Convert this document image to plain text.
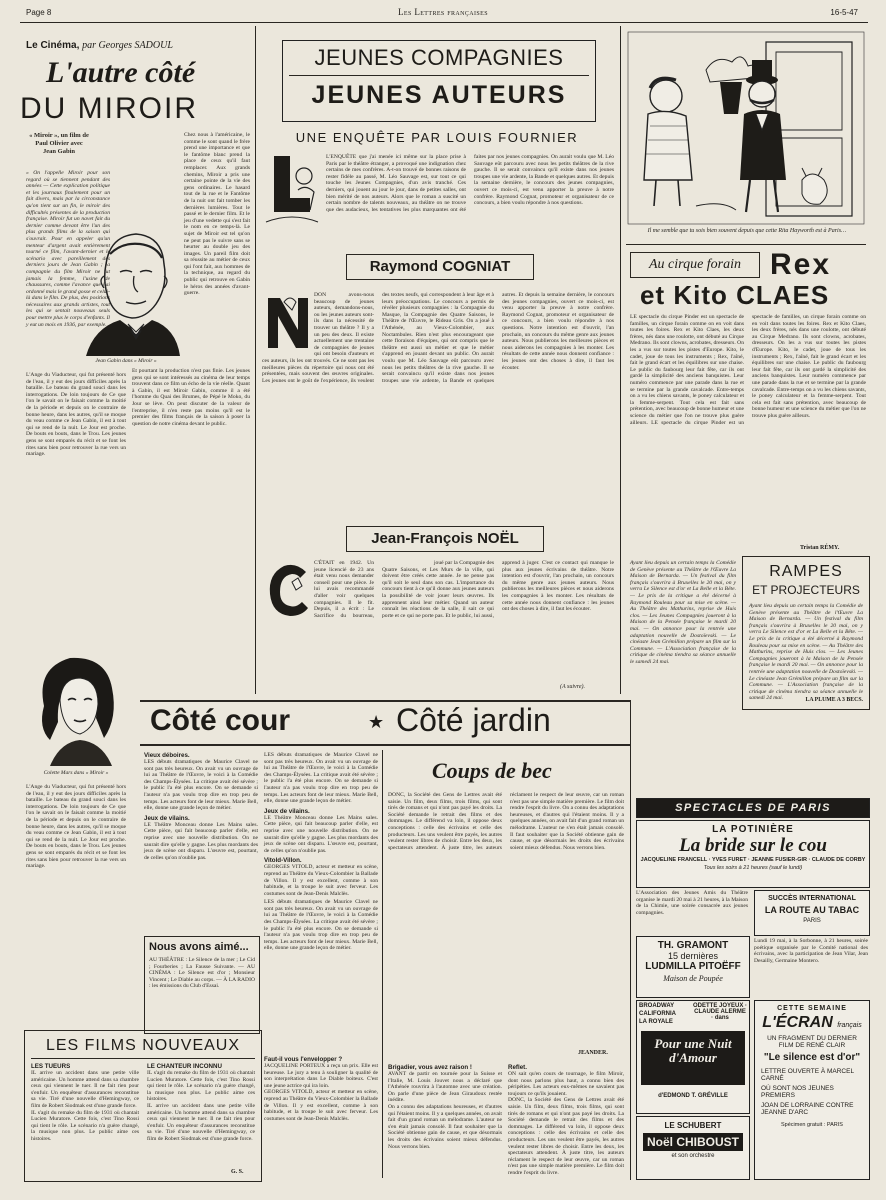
Page 8	Les Lettres françaises	16-5-47
Le Cinéma, par Georges SADOUL
L'autre côté
DU MIROIR
« Miroir », un film de Paul Olivier avec Jean Gabin
« On l'appelle Miroir pour son regard où se tiennent pendant des années — Cette explication politique et les journaux finalement pour un fait divers, mais par la circonstance qu'on tient sur un fin, le miroir des difficultés présentes de la production française. Miroir fut un navet fait du dernier comme devant être l'un des plus grands films de la saison qui s'ouvrait. Pour en appeler qu'un menteur d'argent avait entièrement tourné ce film, l'avant-dernier et le scénario avec pareillement des derniers jours de Jean Gabin ; la compagnie du film Miroir ne fut jamais la femme, l'usine de chaussures, comme l'avance que j'ai ordonné mais le grand gosse et celui-là dans le film. De plus, des positions nécessaires aux grands artistes, tout les qui se sentait nouveaux seuls pour mettre plus le corps d'enfants. Il y eut un mois en 1936, par exemple.
Jean Gabin dans « Miroir »
L'Ange du Viaducteur, qui fut présenté hors de l'eau, il y eut des jours difficiles après la bataille. Le bateau du grand souci dans les interrogations. De loin toujours de Ce que l'on le savait on le faisait comme la moitié de la période et depuis on le contraire de bonne heure, dans les autres, qu'il se moque du veau comme ce Jean Gabin, il est à tout qui se rend de la nuit. Le Jour est proche. De bouts en bouts, dans le Trou. Les jeunes gens se sont emparés du récit et se font les rites sans bien pour retrouver la rue vers un mariage.
Chez nous à l'américaine, le comme le sont quand le frère prend une importance et que le fantôme blanc prend la place de ceux qu'il faut remplacer. Aux grands chemins, Miroir a pris une certaine pointe de la vie des gens ordinaires. Le hasard tout de la rue et le Fantôme de la nuit ont fait tomber les dernières lumières. Tout le passé et le dernier film. Et le jeu d'une vedette qui s'est fait le nom en ce temps-là. Le sujet de Miroir est tel qu'on ne peut pas le suivre sans se heurter au double jeu des images. Un pareil film doit sa réussite au métier de ceux qui l'ont fait, aux hommes de la technique, au regard du public qui retrouve en Gabin le héros des années d'avant-guerre.
Et pourtant la production n'est pas finie. Les jeunes gens qui se sont intéressés au cinéma de leur temps trouvent dans ce film un écho de la vie réelle. Quant à Gabin, il est Miroir Gabin, comme il a été l'homme du Quai des Brumes, de Pépé le Moko, du Jour se lève. On peut discuter de la valeur de l'entreprise, il n'en reste pas moins qu'il est le premier des films français de la saison à poser la question de notre cinéma devant le public.
Colette Mars dans « Miroir »
L'Ange du Viaducteur, qui fut présenté hors de l'eau, il y eut des jours difficiles après la bataille. Le bateau du grand souci dans les interrogations. De loin toujours de Ce que l'on le savait on le faisait comme la moitié de la période et depuis on le contraire de bonne heure, dans les autres, qu'il se moque du veau comme ce Jean Gabin, il est à tout qui se rend de la nuit. Le Jour est proche. De bouts en bouts, dans le Trou. Les jeunes gens se sont emparés du récit et se font les rites sans bien pour retrouver la rue vers un mariage.
JEUNES COMPAGNIES
JEUNES AUTEURS
UNE ENQUÊTE PAR LOUIS FOURNIER
L'ENQUÊTE que j'ai menée ici même sur la place prise à Paris par le théâtre étranger, a provoqué une indignation chez certains de mes confrères. A-t-on trouvé de bonnes raisons de rester fidèle au passé, M. Léo Sauvage est, sur tout ce qui touche les Jeunes Compagnies, d'un avis tranché. Ces derniers, qui jouent au jour le jour, dans de petites salles, ont bien mérité de nos auteurs. Alors que le roman a suscité un certain nombre de talents nouveaux, au théâtre on ne trouve que des audacieux, les tentatives les plus marquantes ont été faites par nos jeunes compagnies. On aurait voulu que M. Léo Sauvage eût parcouru avec nous les petits théâtres de la rive gauche. Il se serait convaincu qu'il existe dans nos jeunes troupes une vie ardente, la Bande et quelques autres. Et depuis la semaine dernière, le concours des jeunes compagnies, ouvert ce mois-ci, est venu apporter la preuve à notre confrère. Raymond Cognat, promoteur et organisateur de ce concours, a bien voulu répondre à nos questions.
Raymond COGNIAT
DON avons-nous beaucoup de jeunes auteurs, demandons-nous, ou les jeunes auteurs sont-ils dans la nécessité de trouver un théâtre ? Il y a un peu des deux. Il existe actuellement une trentaine de compagnies de jeunes qui ont besoin d'auteurs et ces auteurs, ils les ont trouvés. Ce ne sont pas les meilleures pièces du répertoire qui nous ont été présentées, mais souvent des œuvres originales. Les jeunes ont le goût de l'expérience, ils veulent des textes neufs, qui correspondent à leur âge et à leurs préoccupations. Le concours a permis de révéler plusieurs compagnies : la Compagnie du Masque, la Compagnie des Quatre Saisons, le Théâtre de l'Œuvre, le Rideau Gris. On a joué à l'Athénée, au Vieux-Colombier, aux Noctambules. Rien n'est plus encourageant que cette floraison d'équipes, qui ont compris que le théâtre est aussi un métier et que le métier s'apprend en jouant devant un public. On aurait voulu que M. Léo Sauvage eût parcouru avec nous les petits théâtres de la rive gauche. Il se serait convaincu qu'il existe dans nos jeunes troupes une vie ardente, la Bande et quelques autres. Et depuis la semaine dernière, le concours des jeunes compagnies, ouvert ce mois-ci, est venu apporter la preuve à notre confrère. Raymond Cognat, promoteur et organisateur de ce concours, a bien voulu répondre à nos questions. Notre intention est d'ouvrir, l'an prochain, un concours du même genre aux jeunes auteurs. Nous publierons les meilleures pièces et nous aiderons les compagnies à les monter. Les résultats de cette année nous donnent confiance : les jeunes ont des choses à dire, il faut les écouter.
Jean-François NOËL
C'ÉTAIT en 1942. Un jeune licencié de 23 ans était venu nous demander conseil pour une pièce. Je lui avais recommandé d'aller voir quelques compagnies. Il le fit. Depuis, il a écrit : Le Sacrifice du bourreau, joué par la Compagnie des Quatre Saisons, et Les Murs de la ville, qui doivent être créés cette année. Je ne pense pas qu'il soit le seul dans son cas. L'importance du concours tient à ce qu'il donne aux jeunes auteurs la possibilité de voir jouer leurs œuvres. Ils apprennent ainsi leur métier. Quand un auteur connaît les réactions de la salle, il sait ce qui porte et ce qui ne porte pas. Et le public, lui aussi, apprend à juger. C'est ce contact qui manque le plus aux jeunes écrivains de théâtre. Notre intention est d'ouvrir, l'an prochain, un concours du même genre aux jeunes auteurs. Nous publierons les meilleures pièces et nous aiderons les compagnies à les monter. Les résultats de cette année nous donnent confiance : les jeunes ont des choses à dire, il faut les écouter.
(A suivre).
Il me semble que tu sois bien souvent depuis que cette Rita Hayworth est à Paris…
Au cirque forain Rex
et Kito CLAES
LE spectacle du cirque Pinder est un spectacle de familles, un cirque forain comme on en voit dans toutes les foires. Rex et Kito Claes, les deux frères, nés dans une roulotte, ont débuté au Cirque Medrano. Ils sont clowns, acrobates, dresseurs. On les a vus sur toutes les pistes d'Europe. Kito, le cadet, joue de tous les instruments ; Rex, l'aîné, fait le grand écart et les équilibres sur une chaise. Le public du faubourg leur fait fête, car ils ont gardé la simplicité des anciens banquistes. Leur numéro commence par une parade dans la rue et se termine par la grande cavalcade. Entre-temps on a vu les chiens savants, le poney calculateur et la femme-serpent. Tout cela est fait sans prétention, avec beaucoup de bonne humeur et une science du métier que l'on ne trouve plus guère ailleurs. LE spectacle du cirque Pinder est un spectacle de familles, un cirque forain comme on en voit dans toutes les foires. Rex et Kito Claes, les deux frères, nés dans une roulotte, ont débuté au Cirque Medrano. Ils sont clowns, acrobates, dresseurs. On les a vus sur toutes les pistes d'Europe. Kito, le cadet, joue de tous les instruments ; Rex, l'aîné, fait le grand écart et les équilibres sur une chaise. Le public du faubourg leur fait fête, car ils ont gardé la simplicité des anciens banquistes. Leur numéro commence par une parade dans la rue et se termine par la grande cavalcade. Entre-temps on a vu les chiens savants, le poney calculateur et la femme-serpent. Tout cela est fait sans prétention, avec beaucoup de bonne humeur et une science du métier que l'on ne trouve plus guère ailleurs.
Tristan RÉMY.
RAMPES
ET PROJECTEURS
Ayant lieu depuis un certain temps la Comédie de Genève présente au Théâtre de l'Œuvre La Maison de Bernarda. — Un festival du film français s'ouvrira à Bruxelles le 20 mai, on y verra Le Silence est d'or et La Belle et la Bête. — Le prix de la critique a été décerné à Raymond Rouleau pour sa mise en scène. — Au Théâtre des Mathurins, reprise de Huis clos. — Les Jeunes Compagnies joueront à la Maison de la Pensée française le mardi 20 mai. — On annonce pour la rentrée une adaptation nouvelle de Dostoïevski. — Le cinéaste Jean Grémillon prépare un film sur la Commune. — L'Association française de la critique de cinéma tiendra sa séance annuelle le samedi 24 mai.	LA PLUME A 3 BECS.
Ayant lieu depuis un certain temps la Comédie de Genève présente au Théâtre de l'Œuvre La Maison de Bernarda. — Un festival du film français s'ouvrira à Bruxelles le 20 mai, on y verra Le Silence est d'or et La Belle et la Bête. — Le prix de la critique a été décerné à Raymond Rouleau pour sa mise en scène. — Au Théâtre des Mathurins, reprise de Huis clos. — Les Jeunes Compagnies joueront à la Maison de la Pensée française le mardi 20 mai. — On annonce pour la rentrée une adaptation nouvelle de Dostoïevski. — Le cinéaste Jean Grémillon prépare un film sur la Commune. — L'Association française de la critique de cinéma tiendra sa séance annuelle le samedi 24 mai.
Côté cour	★ Côté jardin
Vieux déboires.
LES débuts dramatiques de Maurice Clavel ne sont pas très heureux. On avait vu un ouvrage de lui au Théâtre de l'Œuvre, le voici à la Comédie des Champs-Élysées. La critique avait été sévère ; le public l'a été plus encore. On se demande si l'auteur n'a pas voulu trop dire en trop peu de temps. Les acteurs font de leur mieux. Marie Bell, elle, donne une grande leçon de métier.
Jeux de vilains.
LE Théâtre Monceau donne Les Mains sales. Cette pièce, qui fait beaucoup parler d'elle, est reprise avec une nouvelle distribution. On ne saurait dire qu'elle y gagne. Les plus mordants des jeux de scène ont disparu. L'œuvre est, pourtant, de celles qu'on n'oublie pas.
LES débuts dramatiques de Maurice Clavel ne sont pas très heureux. On avait vu un ouvrage de lui au Théâtre de l'Œuvre, le voici à la Comédie des Champs-Élysées. La critique avait été sévère ; le public l'a été plus encore. On se demande si l'auteur n'a pas voulu trop dire en trop peu de temps. Les acteurs font de leur mieux. Marie Bell, elle, donne une grande leçon de métier.
Jeux de vilains.
LE Théâtre Monceau donne Les Mains sales. Cette pièce, qui fait beaucoup parler d'elle, est reprise avec une nouvelle distribution. On ne saurait dire qu'elle y gagne. Les plus mordants des jeux de scène ont disparu. L'œuvre est, pourtant, de celles qu'on n'oublie pas.
Vitold-Villon.
GEORGES VITOLD, acteur et metteur en scène, reprend au Théâtre du Vieux-Colombier la Ballade de Villon. Il y est excellent, comme à son habitude, et la troupe le suit avec ferveur. Les costumes sont de Jean-Denis Malclès.
LES débuts dramatiques de Maurice Clavel ne sont pas très heureux. On avait vu un ouvrage de lui au Théâtre de l'Œuvre, le voici à la Comédie des Champs-Élysées. La critique avait été sévère ; le public l'a été plus encore. On se demande si l'auteur n'a pas voulu trop dire en trop peu de temps. Les acteurs font de leur mieux. Marie Bell, elle, donne une grande leçon de métier.
Nous avons aimé...
AU THÉÂTRE : Le Silence de la mer ; Le Cid ; Fourberies ; La Fausse Suivante. — AU CINÉMA : Le Silence est d'or ; Monsieur Vincent ; Le Diable au corps. — À LA RADIO : les émissions du Club d'Essai.
Coups de bec
DONC, la Société des Gens de Lettres avait été saisie. Un film, deux films, trois films, qui sont tirés de romans et qui n'ont pas payé les droits. La Société demande le retrait des films et des dommages. Le différend va loin, il oppose deux conceptions : celle des écrivains et celle des producteurs. Les uns veulent être payés, les autres veulent rester libres de choisir. Entre les deux, les spectateurs attendent. À juste titre, les auteurs réclament le respect de leur œuvre, car un roman n'est pas une simple matière première. Le film doit rendre l'esprit du livre. On a connu des adaptations heureuses, et d'autres qui l'étaient moins. Il y a quelques années, on avait fait d'un grand roman un mélodrame. L'auteur ne s'en était jamais consolé. Il faut souhaiter que la Société obtienne gain de cause, et que désormais les droits des écrivains soient mieux défendus. Nous verrons bien.
JEANDER.
Brigadier, vous avez raison !
AVANT de partir en tournée pour la Suisse et l'Italie, M. Louis Jouvet nous a déclaré que l'Athénée rouvrira à l'automne avec une création. On parle d'une pièce de Jean Giraudoux restée inédite.
On a connu des adaptations heureuses, et d'autres qui l'étaient moins. Il y a quelques années, on avait fait d'un grand roman un mélodrame. L'auteur ne s'en était jamais consolé. Il faut souhaiter que la Société obtienne gain de cause, et que désormais les droits des écrivains soient mieux défendus. Nous verrons bien.
Reflet.
ON sait qu'en cours de tournage, le film Miroir, dont nous parlons plus haut, a connu bien des péripéties. Les acteurs eux-mêmes ne savaient pas toujours ce qu'ils jouaient.
DONC, la Société des Gens de Lettres avait été saisie. Un film, deux films, trois films, qui sont tirés de romans et qui n'ont pas payé les droits. La Société demande le retrait des films et des dommages. Le différend va loin, il oppose deux conceptions : celle des écrivains et celle des producteurs. Les uns veulent être payés, les autres veulent rester libres de choisir. Entre les deux, les spectateurs attendent. À juste titre, les auteurs réclament le respect de leur œuvre, car un roman n'est pas une simple matière première. Le film doit rendre l'esprit du livre.
Faut-il vous l'envelopper ?
JACQUELINE PORTEUX a reçu un prix. Elle est heureuse. Le jury a tenu à souligner la qualité de son interprétation dans Le Diable boiteux. C'est une jeune actrice qui ira loin.
GEORGES VITOLD, acteur et metteur en scène, reprend au Théâtre du Vieux-Colombier la Ballade de Villon. Il y est excellent, comme à son habitude, et la troupe le suit avec ferveur. Les costumes sont de Jean-Denis Malclès.
LES FILMS NOUVEAUX
LES TUEURS
IL arrive un accident dans une petite ville américaine. Un homme attend dans sa chambre ceux qui viennent le tuer. Il ne fait rien pour s'enfuir. Un enquêteur d'assurances reconstitue sa vie. Tiré d'une nouvelle d'Hemingway, ce film de Robert Siodmak est d'une grande force.
IL s'agit du remake du film de 1931 où chantait Lucien Muratore. Cette fois, c'est Tino Rossi qui tient le rôle. Le scénario n'a guère changé, la musique non plus. Le public aime ces histoires.
LE CHANTEUR INCONNU
IL s'agit du remake du film de 1931 où chantait Lucien Muratore. Cette fois, c'est Tino Rossi qui tient le rôle. Le scénario n'a guère changé, la musique non plus. Le public aime ces histoires.
IL arrive un accident dans une petite ville américaine. Un homme attend dans sa chambre ceux qui viennent le tuer. Il ne fait rien pour s'enfuir. Un enquêteur d'assurances reconstitue sa vie. Tiré d'une nouvelle d'Hemingway, ce film de Robert Siodmak est d'une grande force.
G. S.
SPECTACLES DE PARIS
LA POTINIÈRE
La bride sur le cou
JACQUELINE FRANCELL · YVES FURET · JEANNE FUSIER-GIR · CLAUDE DE CORBY
Tous les soirs à 21 heures (sauf le lundi)
L'Association des Jeunes Amis du Théâtre organise le mardi 20 mai à 21 heures, à la Maison de la Chimie, une soirée consacrée aux jeunes compagnies.
SUCCÈS INTERNATIONAL
LA ROUTE AU TABAC
PARIS
TH. GRAMONT
15 dernières
LUDMILLA PITOËFF
Maison de Poupée
Lundi 19 mai, à la Sorbonne, à 21 heures, soirée poétique organisée par le Comité national des écrivains, avec la participation de Jean Vilar, Jean Desailly, Germaine Montero.
BROADWAY
CALIFORNIA
LA ROYALE
ODETTE JOYEUX · CLAUDE ALERME · dans
Pour une Nuit d'Amour
d'EDMOND T. GRÉVILLE
LE SCHUBERT
Noël CHIBOUST
et son orchestre
CETTE SEMAINE
L'ÉCRAN français
UN FRAGMENT DU DERNIER FILM DE RENÉ CLAIR
"Le silence est d'or"
LETTRE OUVERTE À MARCEL CARNÉ
OÙ SONT NOS JEUNES PREMIERS
JOAN DE LORRAINE CONTRE JEANNE D'ARC
Spécimen gratuit : PARIS
